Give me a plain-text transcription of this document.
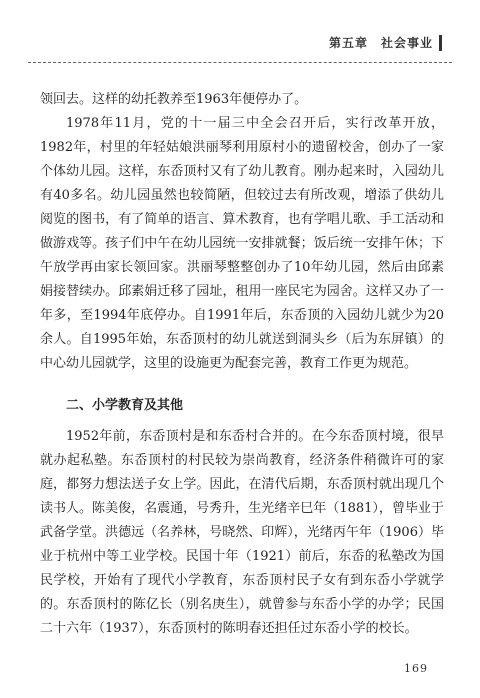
第五章　社会事业

领回去。这样的幼托教养至1963年便停办了。

1978年11月，党的十一届三中全会召开后，实行改革开放，1982年，村里的年轻姑娘洪丽琴利用原村小的遗留校舍，创办了一家个体幼儿园。这样，东岙顶村又有了幼儿教育。刚办起来时，入园幼儿有40多名。幼儿园虽然也较简陋，但较过去有所改观，增添了供幼儿阅览的图书，有了简单的语言、算术教育，也有学唱儿歌、手工活动和做游戏等。孩子们中午在幼儿园统一安排就餐；饭后统一安排午休；下午放学再由家长领回家。洪丽琴整整创办了10年幼儿园，然后由邱素娟接替续办。邱素娟迁移了园址，租用一座民宅为园舍。这样又办了一年多，至1994年底停办。自1991年后，东岙顶的入园幼儿就少为20余人。自1995年始，东岙顶村的幼儿就送到洞头乡（后为东屏镇）的中心幼儿园就学，这里的设施更为配套完善，教育工作更为规范。

二、小学教育及其他

1952年前，东岙顶村是和东岙村合并的。在今东岙顶村境，很早就办起私塾。东岙顶村的村民较为崇尚教育，经济条件稍微许可的家庭，都努力想法送子女上学。因此，在清代后期，东岙顶村就出现几个读书人。陈美俊，名震通，号秀升，生光绪辛巳年（1881），曾毕业于武备学堂。洪德远（名养林，号晓然、印辉），光绪丙午年（1906）毕业于杭州中等工业学校。民国十年（1921）前后，东岙的私塾改为国民学校，开始有了现代小学教育，东岙顶村民子女有到东岙小学就学的。东岙顶村的陈亿长（别名庚生），就曾参与东岙小学的办学；民国二十六年（1937），东岙顶村的陈明春还担任过东岙小学的校长。

169
